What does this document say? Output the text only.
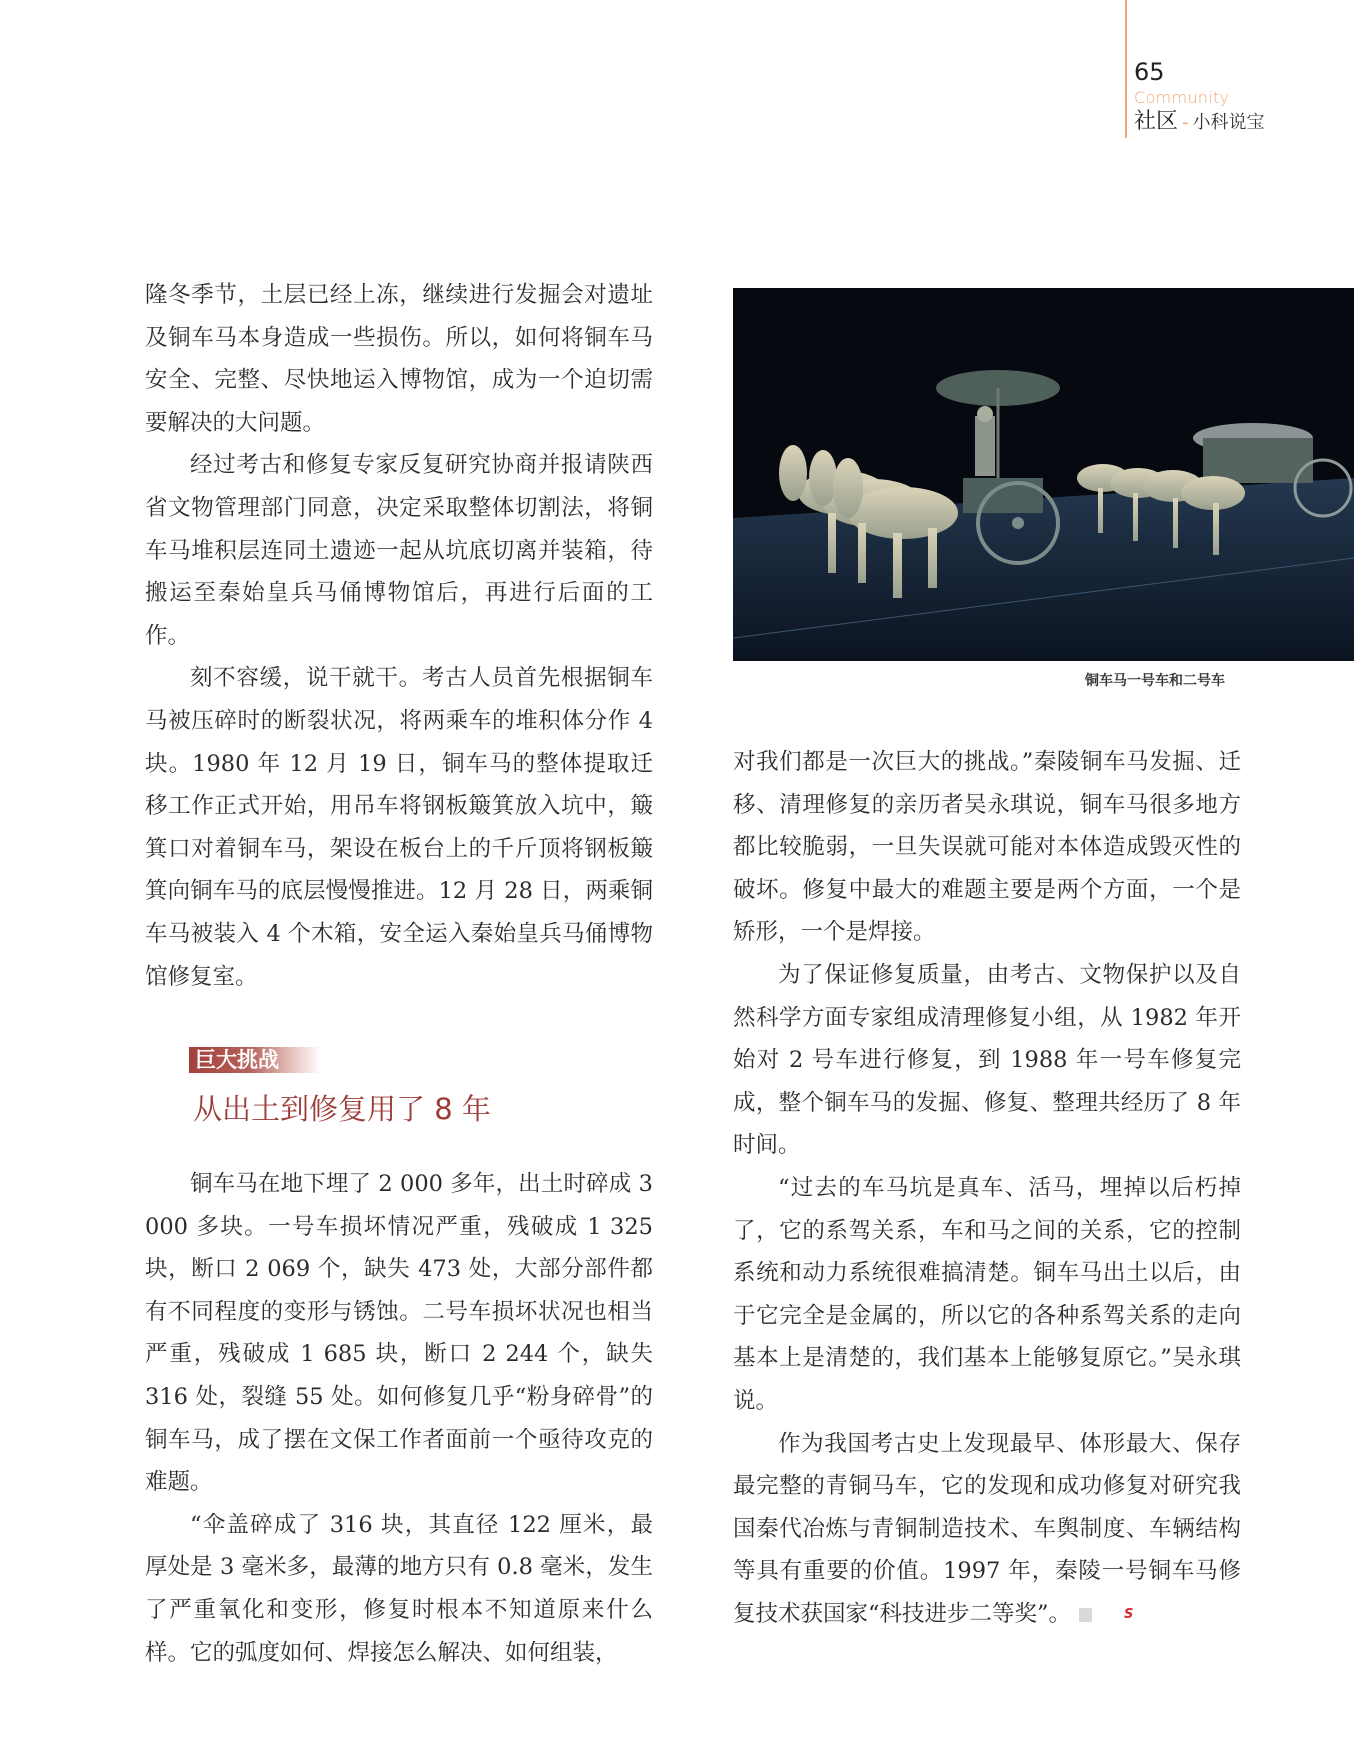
65
Community
社区 - 小科说宝

隆冬季节，土层已经上冻，继续进行发掘会对遗址及铜车马本身造成一些损伤。所以，如何将铜车马安全、完整、尽快地运入博物馆，成为一个迫切需要解决的大问题。

经过考古和修复专家反复研究协商并报请陕西省文物管理部门同意，决定采取整体切割法，将铜车马堆积层连同土遗迹一起从坑底切离并装箱，待搬运至秦始皇兵马俑博物馆后，再进行后面的工作。

刻不容缓，说干就干。考古人员首先根据铜车马被压碎时的断裂状况，将两乘车的堆积体分作 4 块。1980 年 12 月 19 日，铜车马的整体提取迁移工作正式开始，用吊车将钢板簸箕放入坑中，簸箕口对着铜车马，架设在板台上的千斤顶将钢板簸箕向铜车马的底层慢慢推进。12 月 28 日，两乘铜车马被装入 4 个木箱，安全运入秦始皇兵马俑博物馆修复室。

巨大挑战
从出土到修复用了 8 年

铜车马在地下埋了 2 000 多年，出土时碎成 3 000 多块。一号车损坏情况严重，残破成 1 325 块，断口 2 069 个，缺失 473 处，大部分部件都有不同程度的变形与锈蚀。二号车损坏状况也相当严重，残破成 1 685 块，断口 2 244 个，缺失 316 处，裂缝 55 处。如何修复几乎“粉身碎骨”的铜车马，成了摆在文保工作者面前一个亟待攻克的难题。

“伞盖碎成了 316 块，其直径 122 厘米，最厚处是 3 毫米多，最薄的地方只有 0.8 毫米，发生了严重氧化和变形，修复时根本不知道原来什么样。它的弧度如何、焊接怎么解决、如何组装，

铜车马一号车和二号车

对我们都是一次巨大的挑战。”秦陵铜车马发掘、迁移、清理修复的亲历者吴永琪说，铜车马很多地方都比较脆弱，一旦失误就可能对本体造成毁灭性的破坏。修复中最大的难题主要是两个方面，一个是矫形，一个是焊接。

为了保证修复质量，由考古、文物保护以及自然科学方面专家组成清理修复小组，从 1982 年开始对 2 号车进行修复，到 1988 年一号车修复完成，整个铜车马的发掘、修复、整理共经历了 8 年时间。

“过去的车马坑是真车、活马，埋掉以后朽掉了，它的系驾关系，车和马之间的关系，它的控制系统和动力系统很难搞清楚。铜车马出土以后，由于它完全是金属的，所以它的各种系驾关系的走向基本上是清楚的，我们基本上能够复原它。”吴永琪说。

作为我国考古史上发现最早、体形最大、保存最完整的青铜马车，它的发现和成功修复对研究我国秦代冶炼与青铜制造技术、车舆制度、车辆结构等具有重要的价值。1997 年，秦陵一号铜车马修复技术获国家“科技进步二等奖”。	S
